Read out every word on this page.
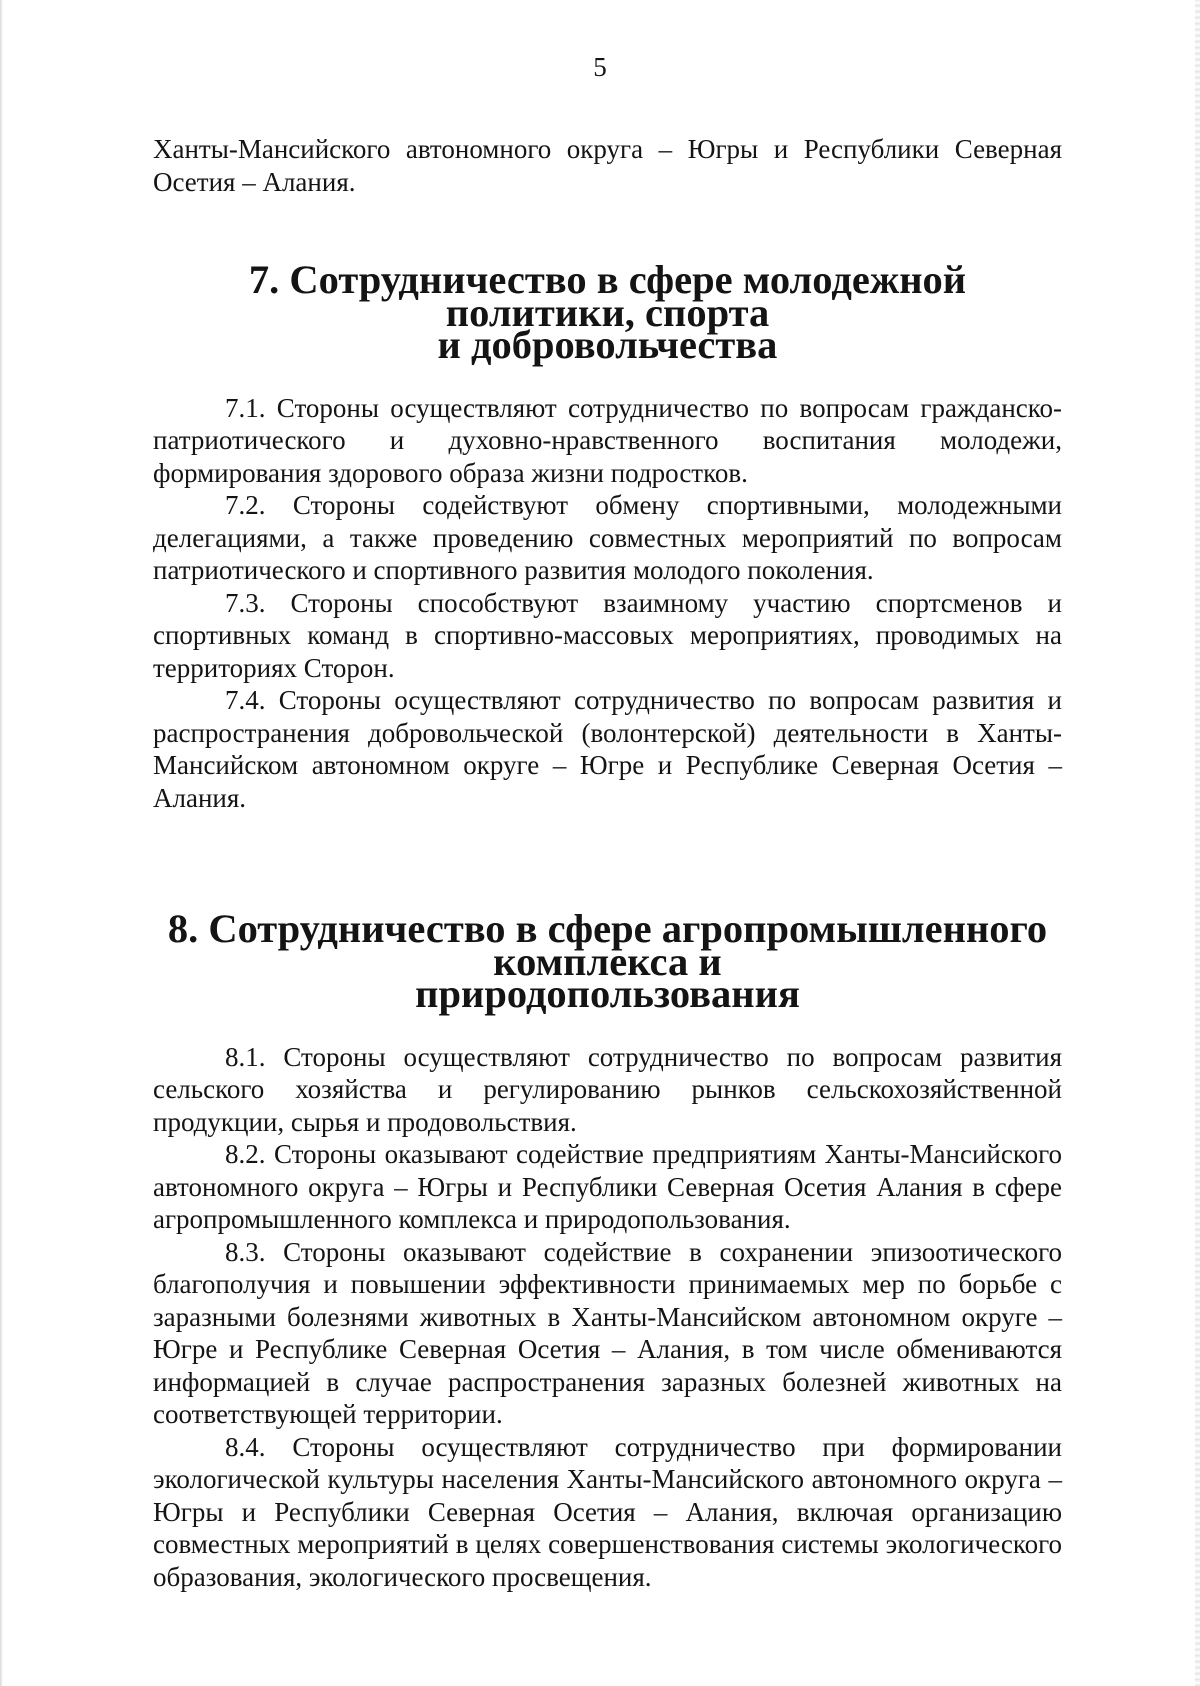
5

Ханты-Мансийского автономного округа – Югры и Республики Северная Осетия – Алания.

7. Сотрудничество в сфере молодежной политики, спорта
и добровольчества

7.1. Стороны осуществляют сотрудничество по вопросам гражданско-патриотического и духовно-нравственного воспитания молодежи, формирования здорового образа жизни подростков.

7.2. Стороны содействуют обмену спортивными, молодежными делегациями, а также проведению совместных мероприятий по вопросам патриотического и спортивного развития молодого поколения.

7.3. Стороны способствуют взаимному участию спортсменов и спортивных команд в спортивно-массовых мероприятиях, проводимых на территориях Сторон.

7.4. Стороны осуществляют сотрудничество по вопросам развития и распространения добровольческой (волонтерской) деятельности в Ханты-Мансийском автономном округе – Югре и Республике Северная Осетия – Алания.

8. Сотрудничество в сфере агропромышленного комплекса и
природопользования

8.1. Стороны осуществляют сотрудничество по вопросам развития сельского хозяйства и регулированию рынков сельскохозяйственной продукции, сырья и продовольствия.

8.2. Стороны оказывают содействие предприятиям Ханты-Мансийского автономного округа – Югры и Республики Северная Осетия Алания в сфере агропромышленного комплекса и природопользования.

8.3. Стороны оказывают содействие в сохранении эпизоотического благополучия и повышении эффективности принимаемых мер по борьбе с заразными болезнями животных в Ханты-Мансийском автономном округе – Югре и Республике Северная Осетия – Алания, в том числе обмениваются информацией в случае распространения заразных болезней животных на соответствующей территории.

8.4. Стороны осуществляют сотрудничество при формировании экологической культуры населения Ханты-Мансийского автономного округа – Югры и Республики Северная Осетия – Алания, включая организацию совместных мероприятий в целях совершенствования системы экологического образования, экологического просвещения.
